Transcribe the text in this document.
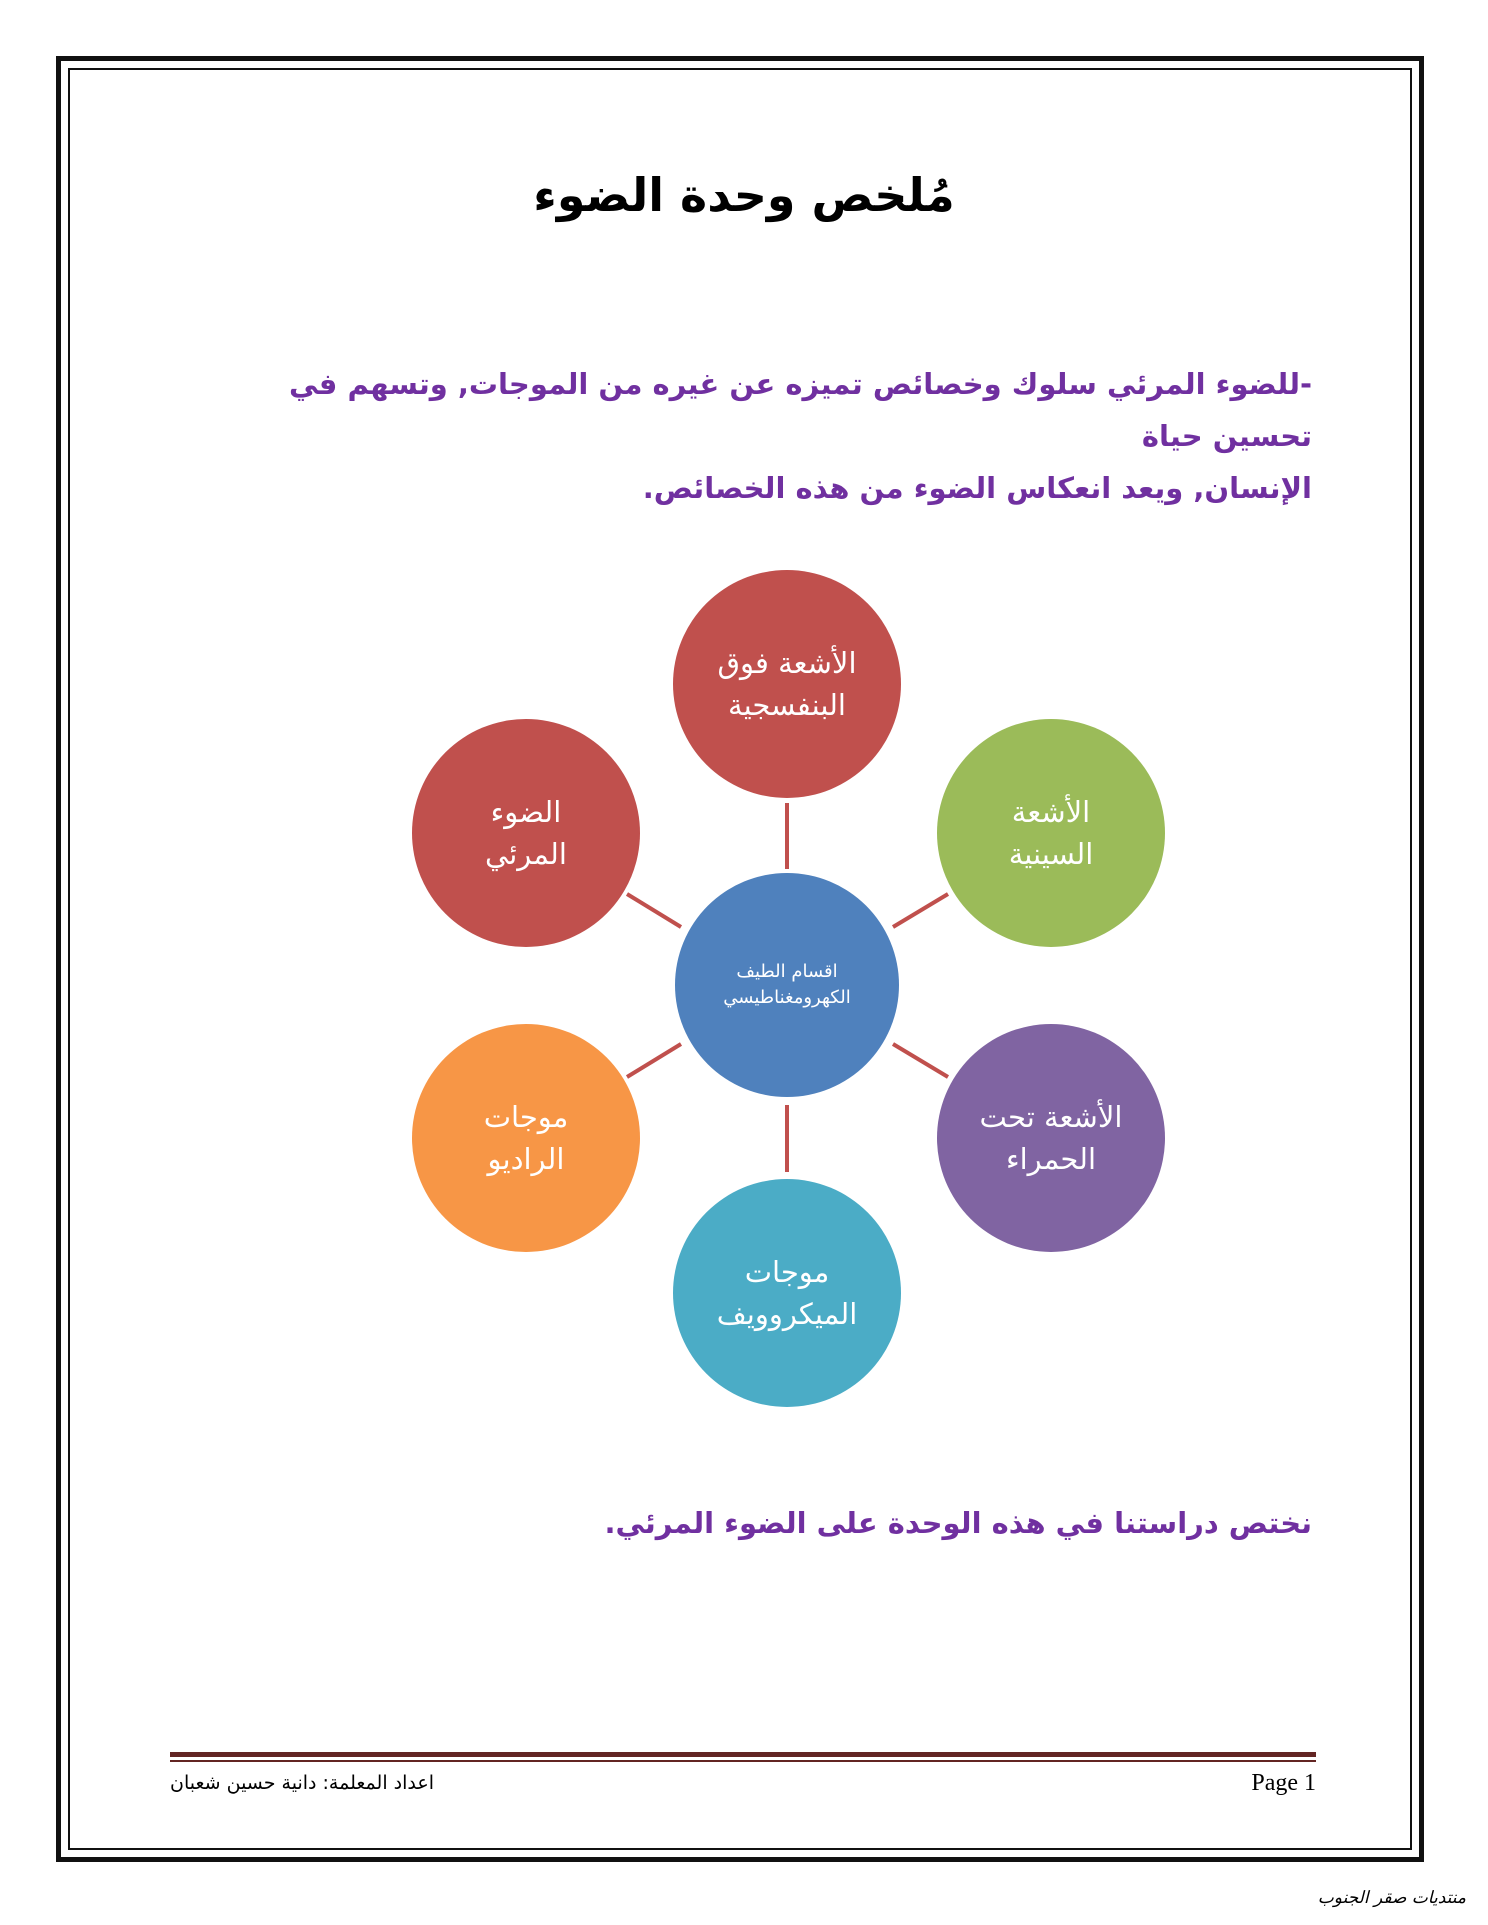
مُلخص وحدة الضوء
-للضوء المرئي سلوك وخصائص تميزه عن غيره من الموجات, وتسهم في تحسين حياة
الإنسان, ويعد انعكاس الضوء من هذه الخصائص.
اقسام الطيف
الكهرومغناطيسي
الأشعة فوق
البنفسجية
الأشعة
السينية
الأشعة تحت
الحمراء
موجات
الميكروويف
موجات
الراديو
الضوء
المرئي
نختص دراستنا في هذه الوحدة على الضوء المرئي.
اعداد المعلمة: دانية حسين شعبان	Page 1
منتديات صقر الجنوب
